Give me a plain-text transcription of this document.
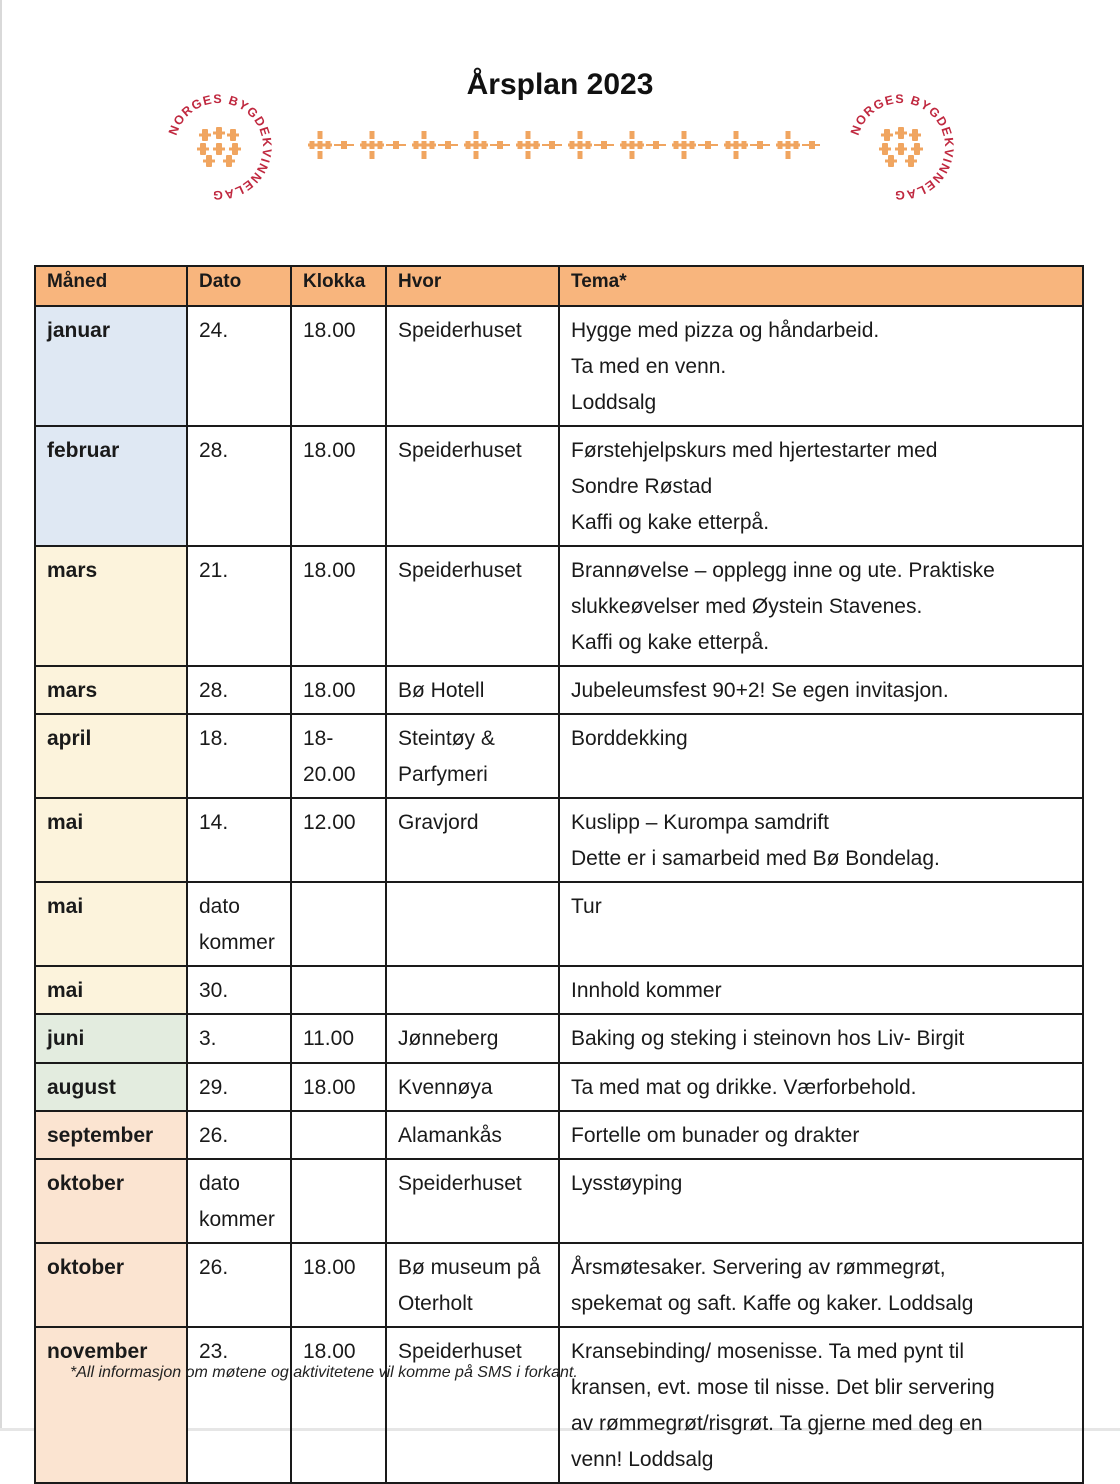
Årsplan 2023
NORGES BYGDEKVINNELAG
NORGES BYGDEKVINNELAG
Måned	Dato	Klokka	Hvor	Tema*
januar	24.	18.00	Speiderhuset	Hygge med pizza og håndarbeid.
Ta med en venn.
Loddsalg

februar	28.	18.00	Speiderhuset	Førstehjelpskurs med hjertestarter med
Sondre Røstad
Kaffi og kake etterpå.

mars	21.	18.00	Speiderhuset	Brannøvelse – opplegg inne og ute. Praktiske
slukkeøvelser med Øystein Stavenes.
Kaffi og kake etterpå.

mars	28.	18.00	Bø Hotell	Jubeleumsfest 90+2! Se egen invitasjon.

april	18.	18-
20.00	Steintøy &
Parfymeri	Borddekking

mai	14.	12.00	Gravjord	Kuslipp – Kurompa samdrift
Dette er i samarbeid med Bø Bondelag.

mai	dato
kommer			Tur

mai	30.			Innhold kommer

juni	3.	11.00	Jønneberg	Baking og steking i steinovn hos Liv- Birgit

august	29.	18.00	Kvennøya	Ta med mat og drikke. Værforbehold.

september	26.		Alamankås	Fortelle om bunader og drakter

oktober	dato
kommer		Speiderhuset	Lysstøyping

oktober	26.	18.00	Bø museum på
Oterholt	Årsmøtesaker. Servering av rømmegrøt,
spekemat og saft. Kaffe og kaker. Loddsalg

november	23.	18.00	Speiderhuset	Kransebinding/ mosenisse. Ta med pynt til
kransen, evt. mose til nisse. Det blir servering
av rømmegrøt/risgrøt. Ta gjerne med deg en
venn! Loddsalg
*All informasjon om møtene og aktivitetene vil komme på SMS i forkant.
